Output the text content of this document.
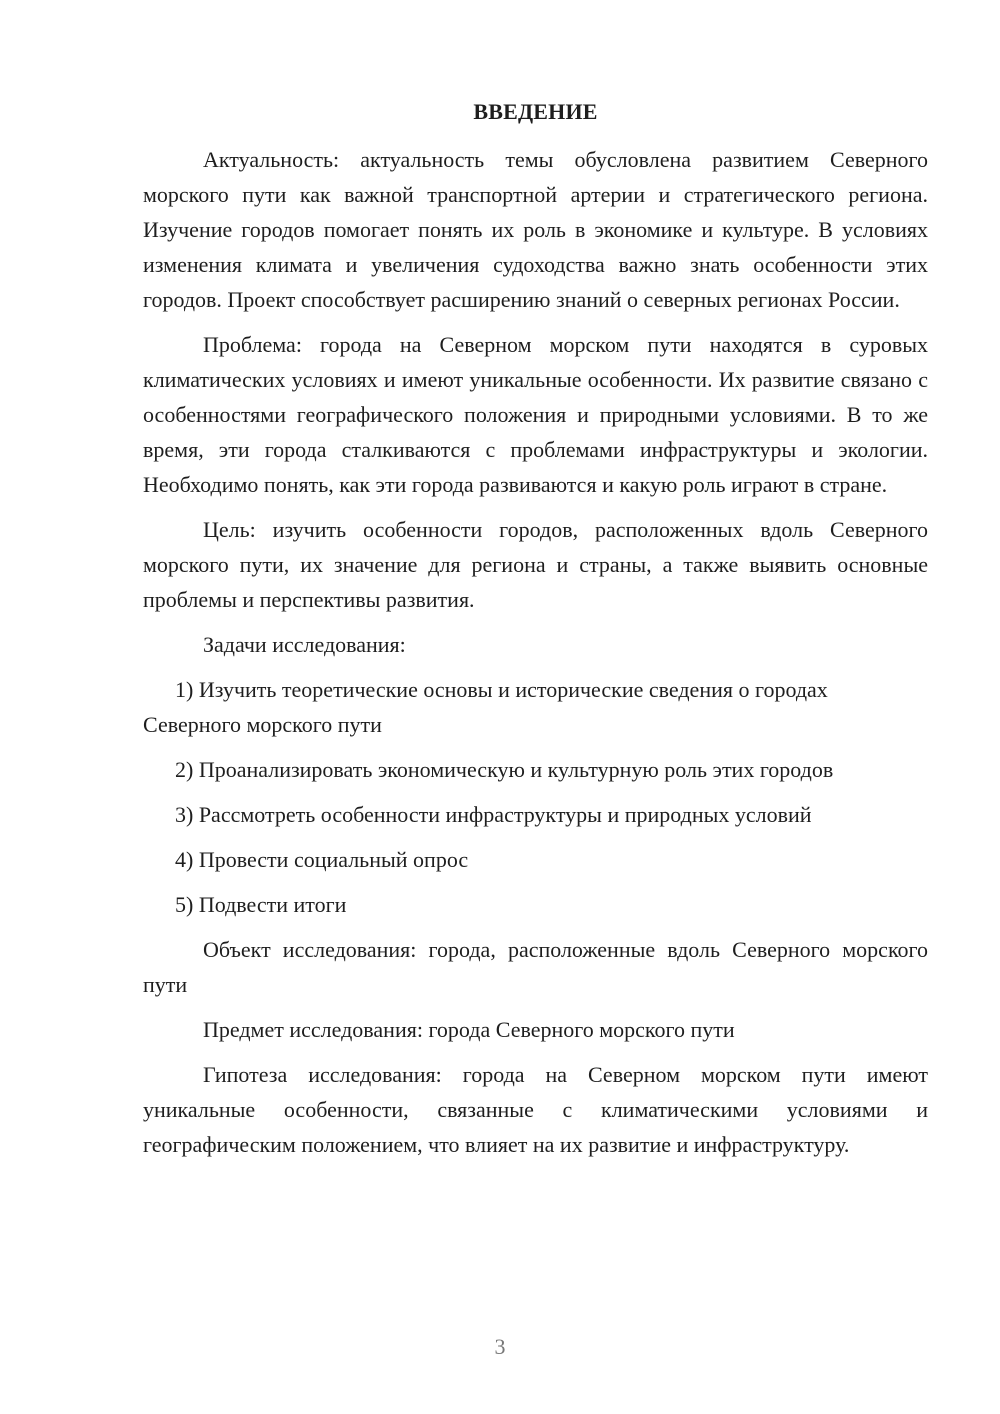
ВВЕДЕНИЕ

Актуальность: актуальность темы обусловлена развитием Северного морского пути как важной транспортной артерии и стратегического региона. Изучение городов помогает понять их роль в экономике и культуре. В условиях изменения климата и увеличения судоходства важно знать особенности этих городов. Проект способствует расширению знаний о северных регионах России.

Проблема: города на Северном морском пути находятся в суровых климатических условиях и имеют уникальные особенности. Их развитие связано с особенностями географического положения и природными условиями. В то же время, эти города сталкиваются с проблемами инфраструктуры и экологии. Необходимо понять, как эти города развиваются и какую роль играют в стране.

Цель: изучить особенности городов, расположенных вдоль Северного морского пути, их значение для региона и страны, а также выявить основные проблемы и перспективы развития.

Задачи исследования:

1) Изучить теоретические основы и исторические сведения о городах Северного морского пути

2) Проанализировать экономическую и культурную роль этих городов

3) Рассмотреть особенности инфраструктуры и природных условий

4) Провести социальный опрос

5) Подвести итоги

Объект исследования: города, расположенные вдоль Северного морского пути

Предмет исследования: города Северного морского пути

Гипотеза исследования: города на Северном морском пути имеют уникальные особенности, связанные с климатическими условиями и географическим положением, что влияет на их развитие и инфраструктуру.

3
